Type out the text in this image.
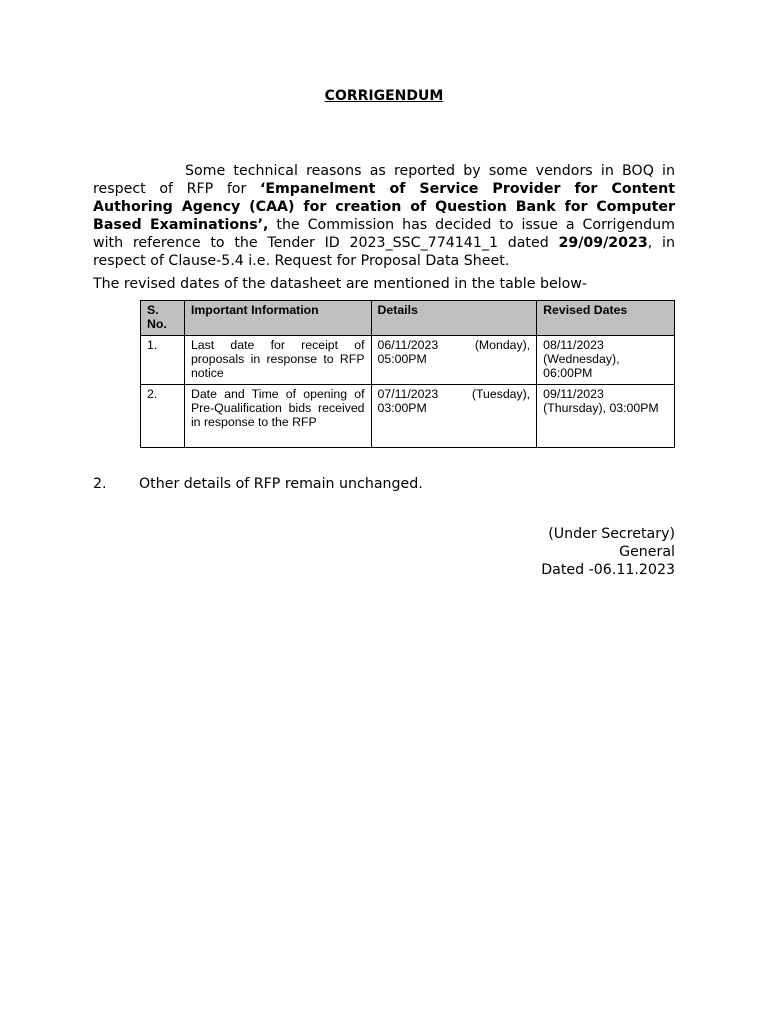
CORRIGENDUM
Some technical reasons as reported by some vendors in BOQ in respect of RFP for ‘Empanelment of Service Provider for Content Authoring Agency (CAA) for creation of Question Bank for Computer Based Examinations’, the Commission has decided to issue a Corrigendum with reference to the Tender ID 2023_SSC_774141_1 dated 29/09/2023, in respect of Clause-5.4 i.e. Request for Proposal Data Sheet.
The revised dates of the datasheet are mentioned in the table below-
S. No.	Important Information	Details	Revised Dates
1.	Last date for receipt of proposals in response to RFP notice	06/11/2023 (Monday), 05:00PM	08/11/2023 (Wednesday), 06:00PM
2.	Date and Time of opening of Pre-Qualification bids received in response to the RFP	07/11/2023 (Tuesday), 03:00PM	09/11/2023 (Thursday), 03:00PM
2. Other details of RFP remain unchanged.
(Under Secretary)
General
Dated -06.11.2023
